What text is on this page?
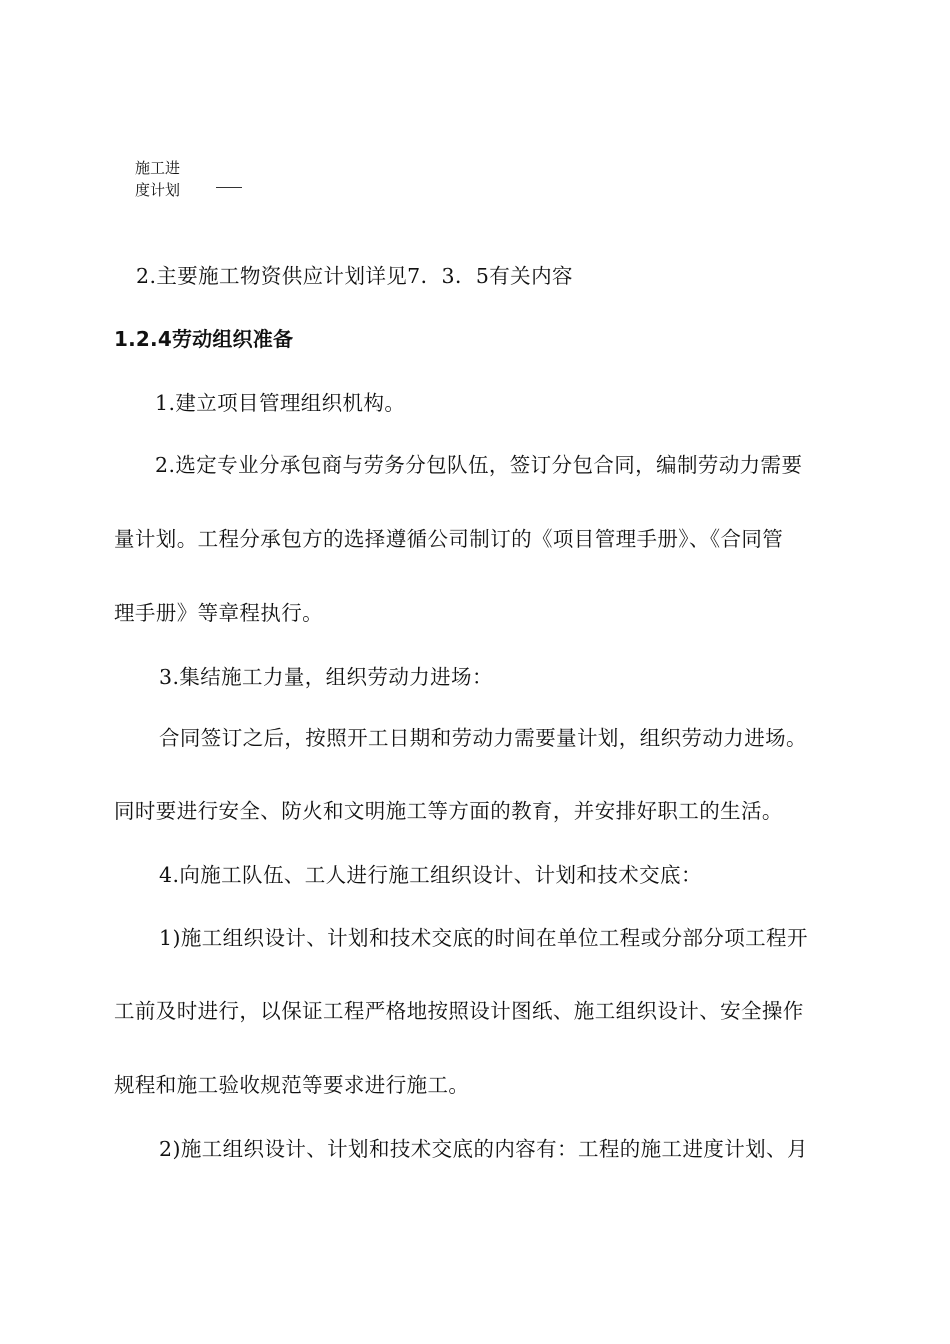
施工进
度计划
2.主要施工物资供应计划详见7．3．5有关内容
1.2.4劳动组织准备
1.建立项目管理组织机构。
2.选定专业分承包商与劳务分包队伍，签订分包合同，编制劳动力需要
量计划。工程分承包方的选择遵循公司制订的《项目管理手册》、《合同管
理手册》等章程执行。
3.集结施工力量，组织劳动力进场：
合同签订之后，按照开工日期和劳动力需要量计划，组织劳动力进场。
同时要进行安全、防火和文明施工等方面的教育，并安排好职工的生活。
4.向施工队伍、工人进行施工组织设计、计划和技术交底：
1)施工组织设计、计划和技术交底的时间在单位工程或分部分项工程开
工前及时进行，以保证工程严格地按照设计图纸、施工组织设计、安全操作
规程和施工验收规范等要求进行施工。
2)施工组织设计、计划和技术交底的内容有：工程的施工进度计划、月
